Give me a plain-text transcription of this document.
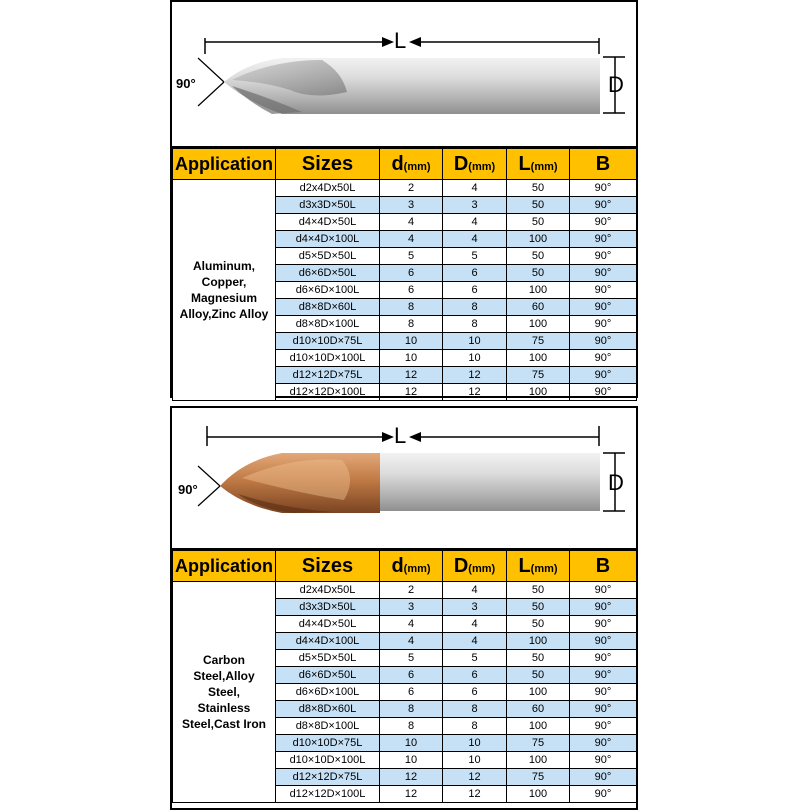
90°
L
D
Application	Sizes	d(mm)	D(mm)	L(mm)	B
Aluminum,
Copper,
Magnesium
Alloy,Zinc Alloy	d2x4Dx50L	2	4	50	90°
	d3x3D×50L	3	3	50	90°
	d4×4D×50L	4	4	50	90°
	d4×4D×100L	4	4	100	90°
	d5×5D×50L	5	5	50	90°
	d6×6D×50L	6	6	50	90°
	d6×6D×100L	6	6	100	90°
	d8×8D×60L	8	8	60	90°
	d8×8D×100L	8	8	100	90°
	d10×10D×75L	10	10	75	90°
	d10×10D×100L	10	10	100	90°
	d12×12D×75L	12	12	75	90°
	d12×12D×100L	12	12	100	90°
90°
L
D
Application	Sizes	d(mm)	D(mm)	L(mm)	B
Carbon
Steel,Alloy
Steel,
Stainless
Steel,Cast Iron	d2x4Dx50L	2	4	50	90°
	d3x3D×50L	3	3	50	90°
	d4×4D×50L	4	4	50	90°
	d4×4D×100L	4	4	100	90°
	d5×5D×50L	5	5	50	90°
	d6×6D×50L	6	6	50	90°
	d6×6D×100L	6	6	100	90°
	d8×8D×60L	8	8	60	90°
	d8×8D×100L	8	8	100	90°
	d10×10D×75L	10	10	75	90°
	d10×10D×100L	10	10	100	90°
	d12×12D×75L	12	12	75	90°
	d12×12D×100L	12	12	100	90°
